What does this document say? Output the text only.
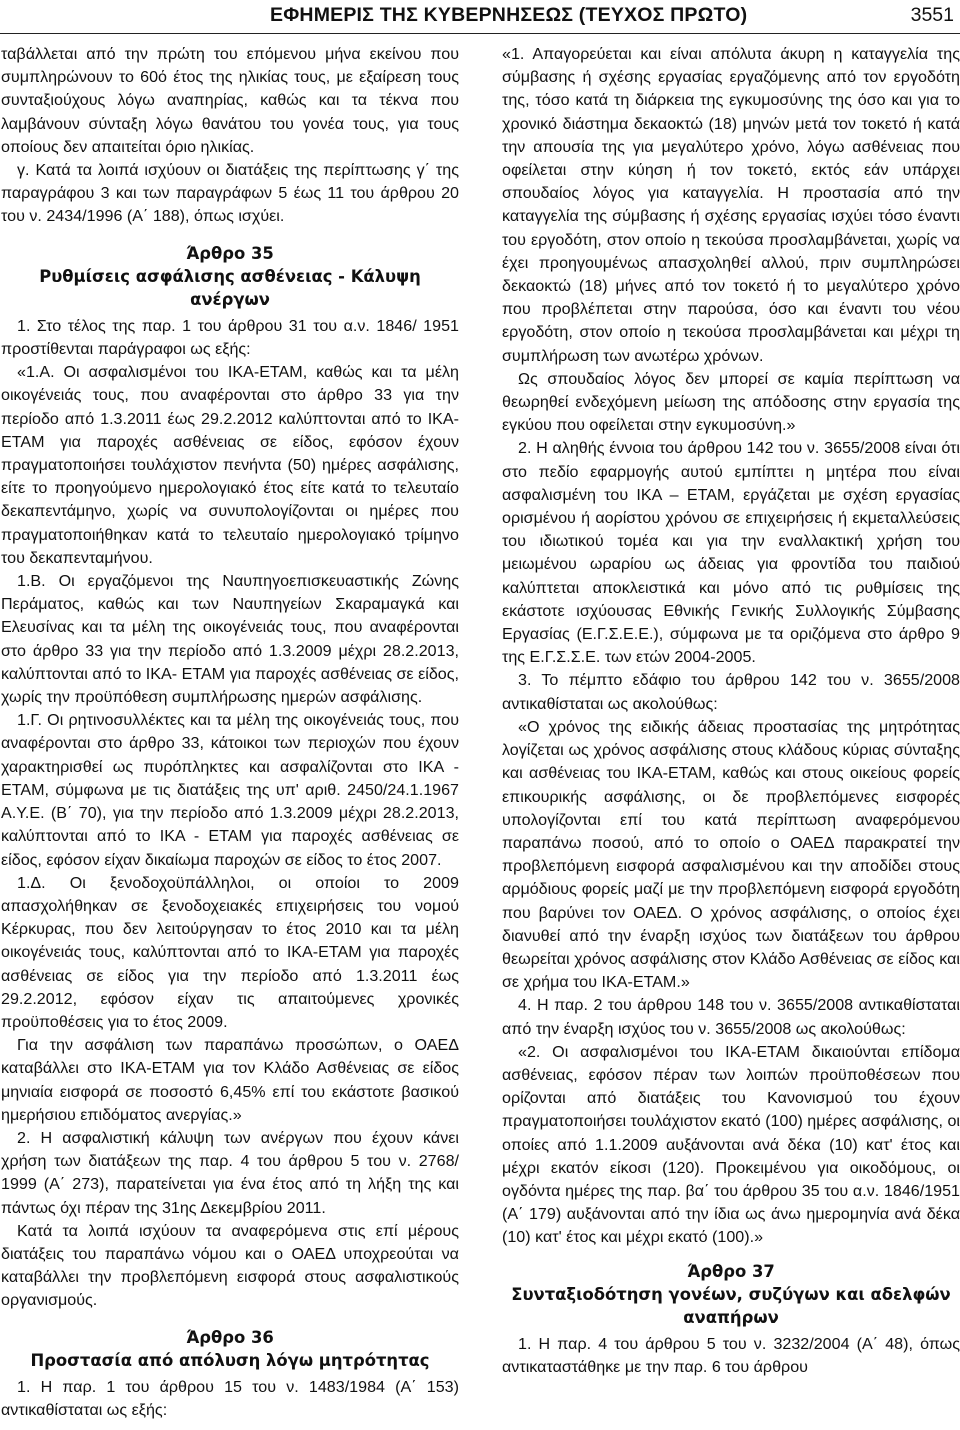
ΕΦΗΜΕΡΙΣ ΤΗΣ ΚΥΒΕΡΝΗΣΕΩΣ (ΤΕΥΧΟΣ ΠΡΩΤΟ)	3551

ταβάλλεται από την πρώτη του επόμενου μήνα εκείνου που συμπληρώνουν το 60ό έτος της ηλικίας τους, με εξαίρεση τους συνταξιούχους λόγω αναπηρίας, καθώς και τα τέκνα που λαμβάνουν σύνταξη λόγω θανάτου του γονέα τους, για τους οποίους δεν απαιτείται όριο ηλικίας.

γ. Κατά τα λοιπά ισχύουν οι διατάξεις της περίπτωσης γ΄ της παραγράφου 3 και των παραγράφων 5 έως 11 του άρθρου 20 του ν. 2434/1996 (Α΄ 188), όπως ισχύει.

Άρθρο 35
Ρυθμίσεις ασφάλισης ασθένειας - Κάλυψη ανέργων

1. Στο τέλος της παρ. 1 του άρθρου 31 του α.ν. 1846/ 1951 προστίθενται παράγραφοι ως εξής:

«1.Α. Οι ασφαλισμένοι του ΙΚΑ-ΕΤΑΜ, καθώς και τα μέλη οικογένειάς τους, που αναφέρονται στο άρθρο 33 για την περίοδο από 1.3.2011 έως 29.2.2012 καλύπτονται από το ΙΚΑ-ΕΤΑΜ για παροχές ασθένειας σε είδος, εφόσον έχουν πραγματοποιήσει τουλάχιστον πενήντα (50) ημέρες ασφάλισης, είτε το προηγούμενο ημερολογιακό έτος είτε κατά το τελευταίο δεκαπεντάμηνο, χωρίς να συνυπολογίζονται οι ημέρες που πραγματοποιήθηκαν κατά το τελευταίο ημερολογιακό τρίμηνο του δεκαπενταμήνου.

1.Β. Οι εργαζόμενοι της Ναυπηγοεπισκευαστικής Ζώνης Περάματος, καθώς και των Ναυπηγείων Σκαραμαγκά και Ελευσίνας και τα μέλη της οικογένειάς τους, που αναφέρονται στο άρθρο 33 για την περίοδο από 1.3.2009 μέχρι 28.2.2013, καλύπτονται από το ΙΚΑ- ΕΤΑΜ για παροχές ασθένειας σε είδος, χωρίς την προϋπόθεση συμπλήρωσης ημερών ασφάλισης.

1.Γ. Οι ρητινοσυλλέκτες και τα μέλη της οικογένειάς τους, που αναφέρονται στο άρθρο 33, κάτοικοι των περιοχών που έχουν χαρακτηρισθεί ως πυρόπληκτες και ασφαλίζονται στο ΙΚΑ - ΕΤΑΜ, σύμφωνα με τις διατάξεις της υπ' αριθ. 2450/24.1.1967 Α.Υ.Ε. (Β΄ 70), για την περίοδο από 1.3.2009 μέχρι 28.2.2013, καλύπτονται από το ΙΚΑ - ΕΤΑΜ για παροχές ασθένειας σε είδος, εφόσον είχαν δικαίωμα παροχών σε είδος το έτος 2007.

1.Δ. Οι ξενοδοχοϋπάλληλοι, οι οποίοι το 2009 απασχολήθηκαν σε ξενοδοχειακές επιχειρήσεις του νομού Κέρκυρας, που δεν λειτούργησαν το έτος 2010 και τα μέλη οικογένειάς τους, καλύπτονται από το ΙΚΑ-ΕΤΑΜ για παροχές ασθένειας σε είδος για την περίοδο από 1.3.2011 έως 29.2.2012, εφόσον είχαν τις απαιτούμενες χρονικές προϋποθέσεις για το έτος 2009.

Για την ασφάλιση των παραπάνω προσώπων, ο ΟΑΕΔ καταβάλλει στο ΙΚΑ-ΕΤΑΜ για τον Κλάδο Ασθένειας σε είδος μηνιαία εισφορά σε ποσοστό 6,45% επί του εκάστοτε βασικού ημερήσιου επιδόματος ανεργίας.»

2. Η ασφαλιστική κάλυψη των ανέργων που έχουν κάνει χρήση των διατάξεων της παρ. 4 του άρθρου 5 του ν. 2768/ 1999 (Α΄ 273), παρατείνεται για ένα έτος από τη λήξη της και πάντως όχι πέραν της 31ης Δεκεμβρίου 2011.

Κατά τα λοιπά ισχύουν τα αναφερόμενα στις επί μέρους διατάξεις του παραπάνω νόμου και ο ΟΑΕΔ υποχρεούται να καταβάλλει την προβλεπόμενη εισφορά στους ασφαλιστικούς οργανισμούς.

Άρθρο 36
Προστασία από απόλυση λόγω μητρότητας

1. Η παρ. 1 του άρθρου 15 του ν. 1483/1984 (Α΄ 153) αντικαθίσταται ως εξής:

«1. Απαγορεύεται και είναι απόλυτα άκυρη η καταγγελία της σύμβασης ή σχέσης εργασίας εργαζόμενης από τον εργοδότη της, τόσο κατά τη διάρκεια της εγκυμοσύνης της όσο και για το χρονικό διάστημα δεκαοκτώ (18) μηνών μετά τον τοκετό ή κατά την απουσία της για μεγαλύτερο χρόνο, λόγω ασθένειας που οφείλεται στην κύηση ή τον τοκετό, εκτός εάν υπάρχει σπουδαίος λόγος για καταγγελία. Η προστασία από την καταγγελία της σύμβασης ή σχέσης εργασίας ισχύει τόσο έναντι του εργοδότη, στον οποίο η τεκούσα προσλαμβάνεται, χωρίς να έχει προηγουμένως απασχοληθεί αλλού, πριν συμπληρώσει δεκαοκτώ (18) μήνες από τον τοκετό ή το μεγαλύτερο χρόνο που προβλέπεται στην παρούσα, όσο και έναντι του νέου εργοδότη, στον οποίο η τεκούσα προσλαμβάνεται και μέχρι τη συμπλήρωση των ανωτέρω χρόνων.

Ως σπουδαίος λόγος δεν μπορεί σε καμία περίπτωση να θεωρηθεί ενδεχόμενη μείωση της απόδοσης στην εργασία της εγκύου που οφείλεται στην εγκυμοσύνη.»

2. Η αληθής έννοια του άρθρου 142 του ν. 3655/2008 είναι ότι στο πεδίο εφαρμογής αυτού εμπίπτει η μητέρα που είναι ασφαλισμένη του ΙΚΑ – ΕΤΑΜ, εργάζεται με σχέση εργασίας ορισμένου ή αορίστου χρόνου σε επιχειρήσεις ή εκμεταλλεύσεις του ιδιωτικού τομέα και για την εναλλακτική χρήση του μειωμένου ωραρίου ως άδειας για φροντίδα του παιδιού καλύπτεται αποκλειστικά και μόνο από τις ρυθμίσεις της εκάστοτε ισχύουσας Εθνικής Γενικής Συλλογικής Σύμβασης Εργασίας (Ε.Γ.Σ.Ε.Ε.), σύμφωνα με τα οριζόμενα στο άρθρο 9 της Ε.Γ.Σ.Σ.Ε. των ετών 2004-2005.

3. Το πέμπτο εδάφιο του άρθρου 142 του ν. 3655/2008 αντικαθίσταται ως ακολούθως:

«Ο χρόνος της ειδικής άδειας προστασίας της μητρότητας λογίζεται ως χρόνος ασφάλισης στους κλάδους κύριας σύνταξης και ασθένειας του ΙΚΑ-ΕΤΑΜ, καθώς και στους οικείους φορείς επικουρικής ασφάλισης, οι δε προβλεπόμενες εισφορές υπολογίζονται επί του κατά περίπτωση αναφερόμενου παραπάνω ποσού, από το οποίο ο ΟΑΕΔ παρακρατεί την προβλεπόμενη εισφορά ασφαλισμένου και την αποδίδει στους αρμόδιους φορείς μαζί με την προβλεπόμενη εισφορά εργοδότη που βαρύνει τον ΟΑΕΔ. Ο χρόνος ασφάλισης, ο οποίος έχει διανυθεί από την έναρξη ισχύος των διατάξεων του άρθρου θεωρείται χρόνος ασφάλισης στον Κλάδο Ασθένειας σε είδος και σε χρήμα του ΙΚΑ-ΕΤΑΜ.»

4. Η παρ. 2 του άρθρου 148 του ν. 3655/2008 αντικαθίσταται από την έναρξη ισχύος του ν. 3655/2008 ως ακολούθως:

«2. Οι ασφαλισμένοι του ΙΚΑ-ΕΤΑΜ δικαιούνται επίδομα ασθένειας, εφόσον πέραν των λοιπών προϋποθέσεων που ορίζονται από διατάξεις του Κανονισμού του έχουν πραγματοποιήσει τουλάχιστον εκατό (100) ημέρες ασφάλισης, οι οποίες από 1.1.2009 αυξάνονται ανά δέκα (10) κατ' έτος και μέχρι εκατόν είκοσι (120). Προκειμένου για οικοδόμους, οι ογδόντα ημέρες της παρ. βα΄ του άρθρου 35 του α.ν. 1846/1951 (Α΄ 179) αυξάνονται από την ίδια ως άνω ημερομηνία ανά δέκα (10) κατ' έτος και μέχρι εκατό (100).»

Άρθρο 37
Συνταξιοδότηση γονέων, συζύγων και αδελφών αναπήρων

1. Η παρ. 4 του άρθρου 5 του ν. 3232/2004 (Α΄ 48), όπως αντικαταστάθηκε με την παρ. 6 του άρθρου
